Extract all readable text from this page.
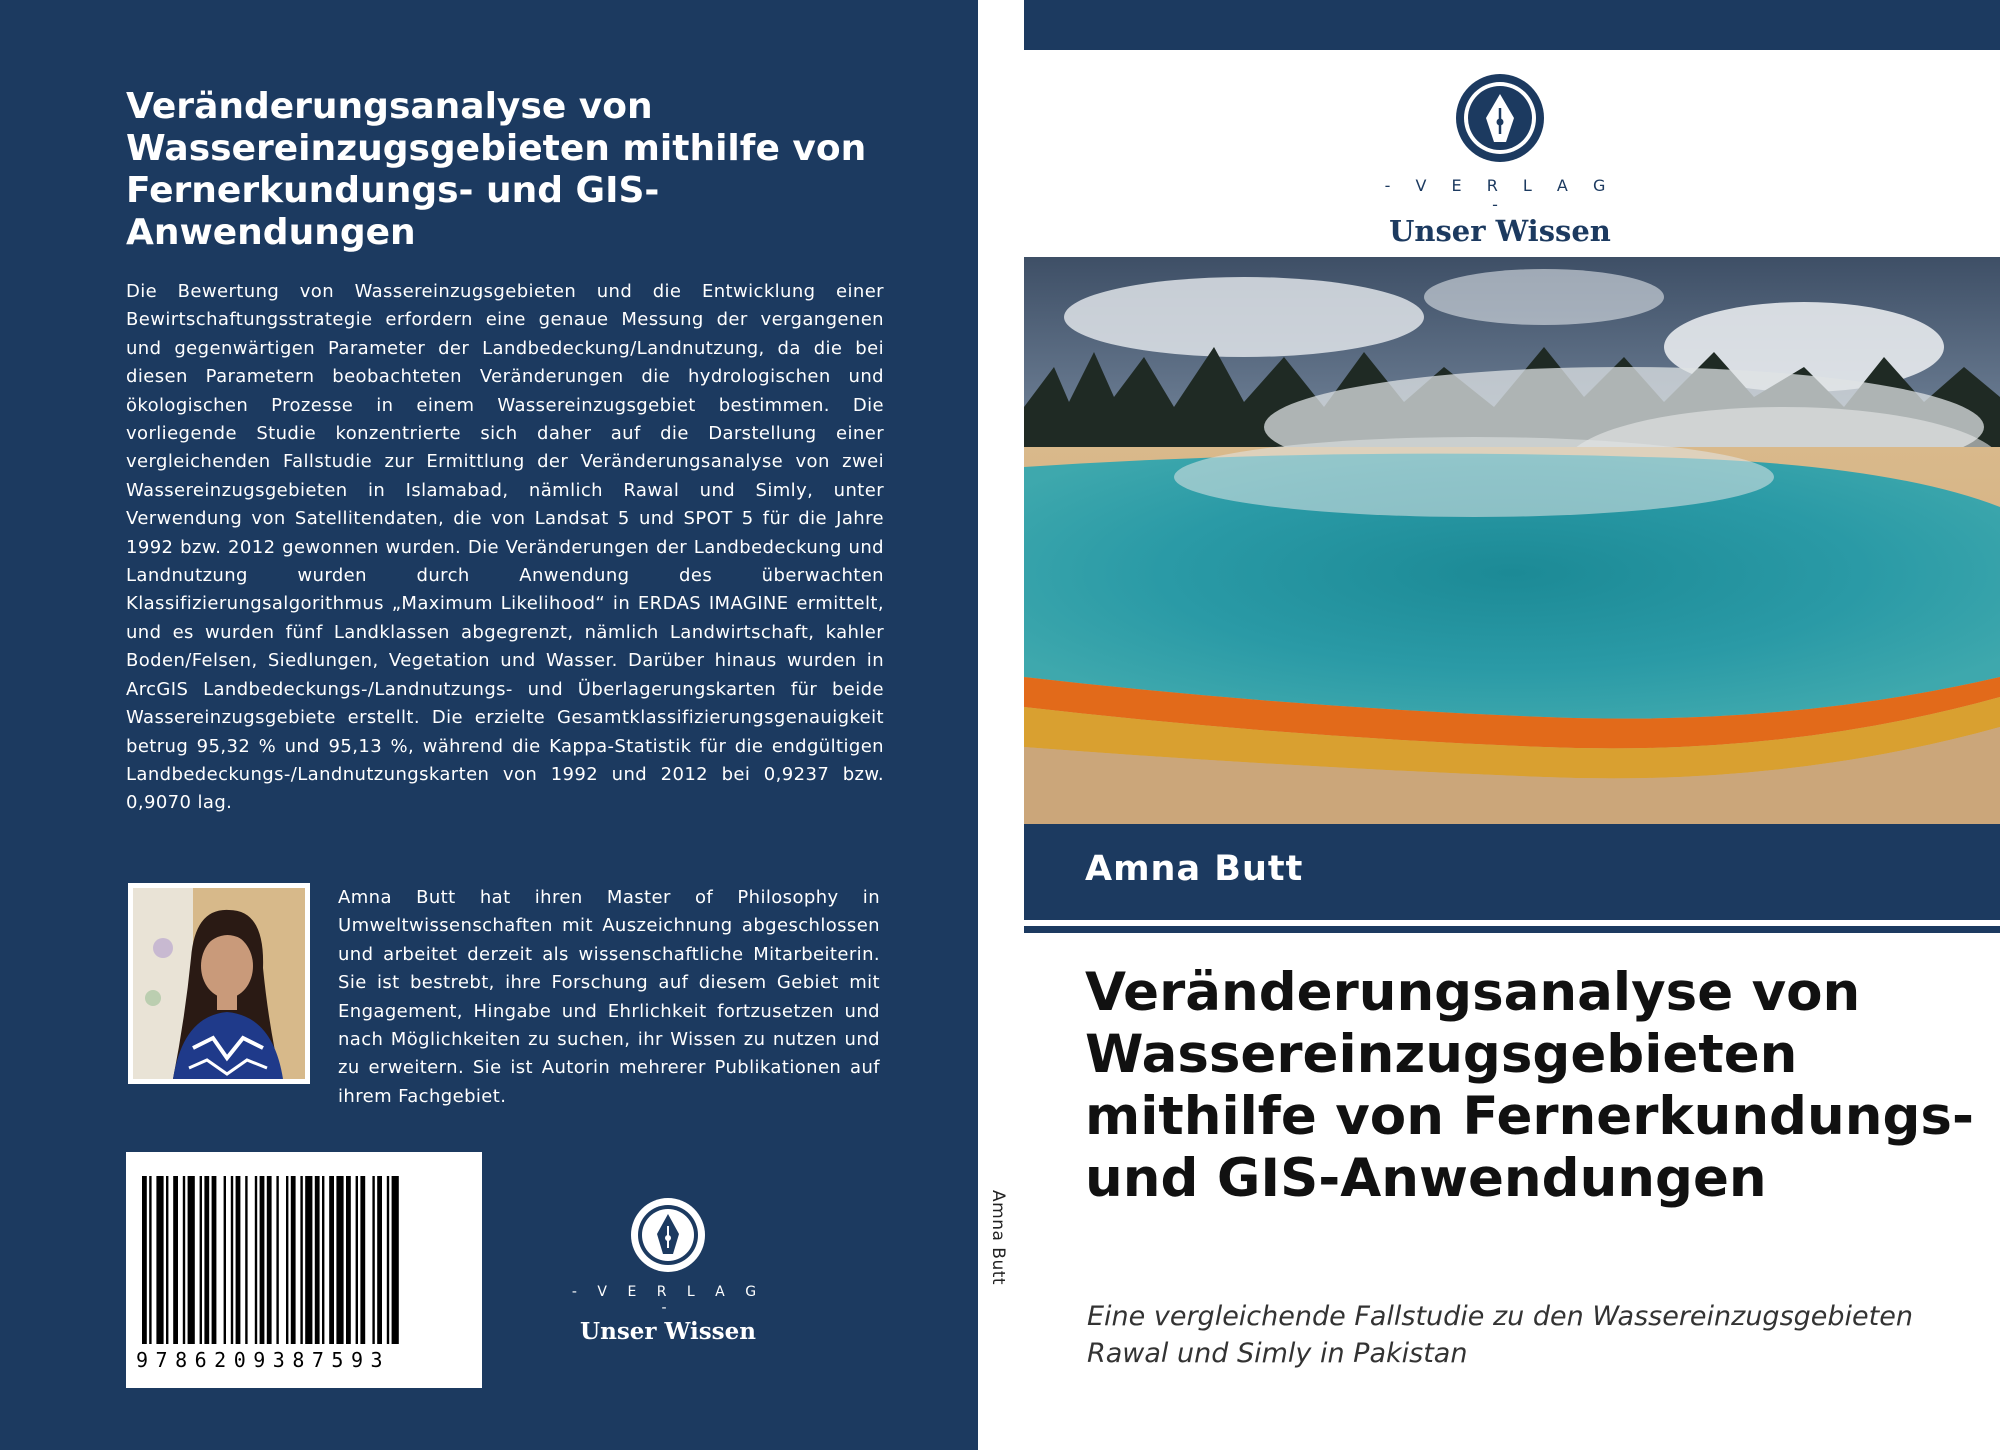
Veränderungsanalyse von Wassereinzugsgebieten mithilfe von Fernerkundungs- und GIS-Anwendungen
Die Bewertung von Wassereinzugsgebieten und die Entwicklung einer Bewirtschaftungsstrategie erfordern eine genaue Messung der vergangenen und gegenwärtigen Parameter der Landbedeckung/Landnutzung, da die bei diesen Parametern beobachteten Veränderungen die hydrologischen und ökologischen Prozesse in einem Wassereinzugsgebiet bestimmen. Die vorliegende Studie konzentrierte sich daher auf die Darstellung einer vergleichenden Fallstudie zur Ermittlung der Veränderungsanalyse von zwei Wassereinzugsgebieten in Islamabad, nämlich Rawal und Simly, unter Verwendung von Satellitendaten, die von Landsat 5 und SPOT 5 für die Jahre 1992 bzw. 2012 gewonnen wurden. Die Veränderungen der Landbedeckung und Landnutzung wurden durch Anwendung des überwachten Klassifizierungsalgorithmus „Maximum Likelihood“ in ERDAS IMAGINE ermittelt, und es wurden fünf Landklassen abgegrenzt, nämlich Landwirtschaft, kahler Boden/Felsen, Siedlungen, Vegetation und Wasser. Darüber hinaus wurden in ArcGIS Landbedeckungs-/Landnutzungs- und Überlagerungskarten für beide Wassereinzugsgebiete erstellt. Die erzielte Gesamtklassifizierungsgenauigkeit betrug 95,32 % und 95,13 %, während die Kappa-Statistik für die endgültigen Landbedeckungs-/Landnutzungskarten von 1992 und 2012 bei 0,9237 bzw. 0,9070 lag.
Amna Butt hat ihren Master of Philosophy in Umweltwissenschaften mit Auszeichnung abgeschlossen und arbeitet derzeit als wissenschaftliche Mitarbeiterin. Sie ist bestrebt, ihre Forschung auf diesem Gebiet mit Engagement, Hingabe und Ehrlichkeit fortzusetzen und nach Möglichkeiten zu suchen, ihr Wissen zu nutzen und zu erweitern. Sie ist Autorin mehrerer Publikationen auf ihrem Fachgebiet.
9786209387593
- V E R L A G -
Unser Wissen
Amna Butt
- V E R L A G -
Unser Wissen
Amna Butt
Veränderungsanalyse von Wassereinzugsgebieten mithilfe von Fernerkundungs- und GIS-Anwendungen
Eine vergleichende Fallstudie zu den Wassereinzugsgebieten Rawal und Simly in Pakistan
